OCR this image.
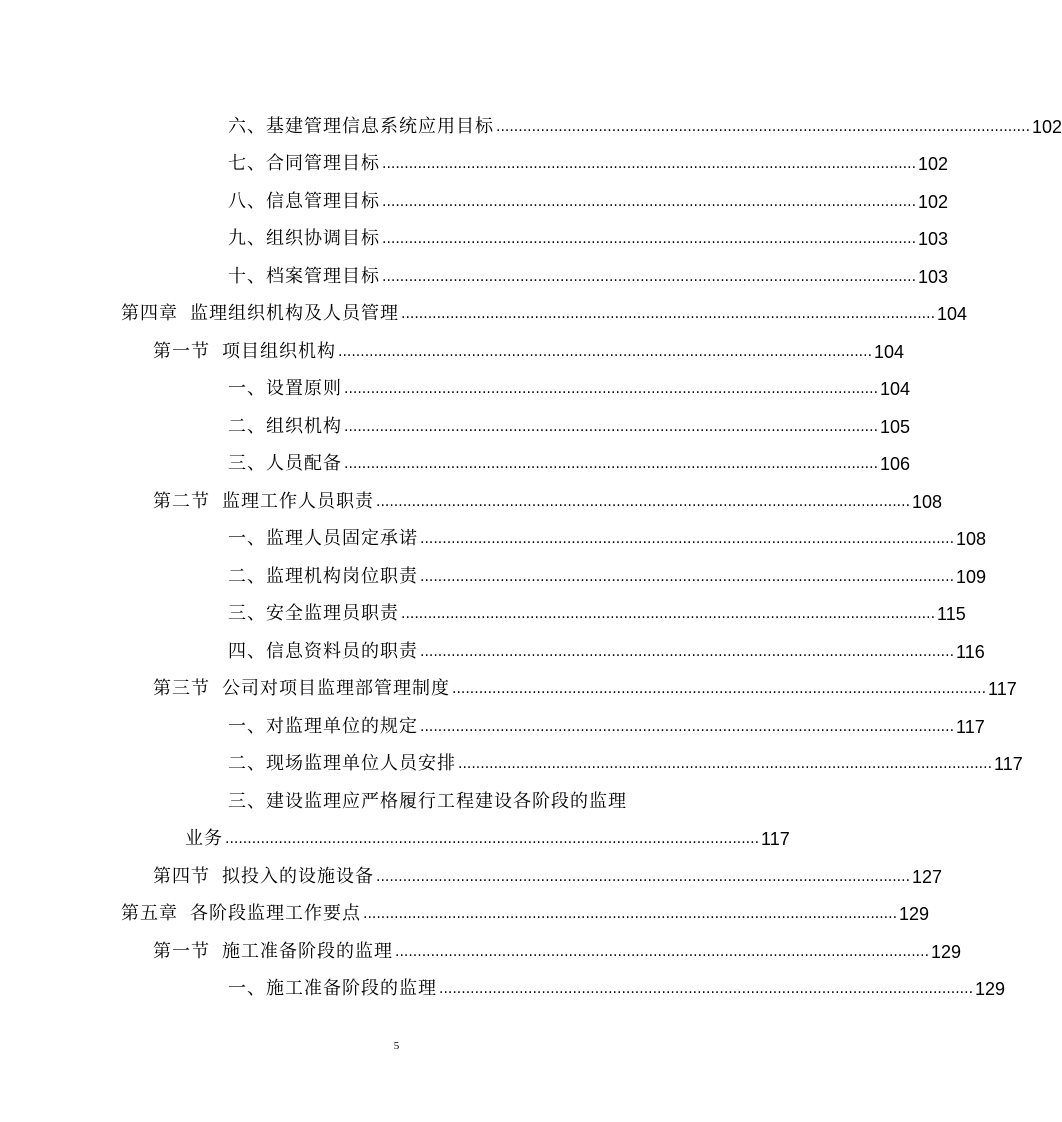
六、基建管理信息系统应用目标 ........................................................................................................................ 102
七、合同管理目标 ........................................................................................................................ 102
八、信息管理目标 ........................................................................................................................ 102
九、组织协调目标 ........................................................................................................................ 103
十、档案管理目标 ........................................................................................................................ 103
第四章 监理组织机构及人员管理 ........................................................................................................................ 104
第一节 项目组织机构 ........................................................................................................................ 104
一、设置原则 ........................................................................................................................ 104
二、组织机构 ........................................................................................................................ 105
三、人员配备 ........................................................................................................................ 106
第二节 监理工作人员职责 ........................................................................................................................ 108
一、监理人员固定承诺 ........................................................................................................................ 108
二、监理机构岗位职责 ........................................................................................................................ 109
三、安全监理员职责 ........................................................................................................................ 115
四、信息资料员的职责 ........................................................................................................................ 116
第三节 公司对项目监理部管理制度 ........................................................................................................................ 117
一、对监理单位的规定 ........................................................................................................................ 117
二、现场监理单位人员安排 ........................................................................................................................ 117
三、建设监理应严格履行工程建设各阶段的监理
业务 ........................................................................................................................ 117
第四节 拟投入的设施设备 ........................................................................................................................ 127
第五章 各阶段监理工作要点 ........................................................................................................................ 129
第一节 施工准备阶段的监理 ........................................................................................................................ 129
一、施工准备阶段的监理 ........................................................................................................................ 129
5
